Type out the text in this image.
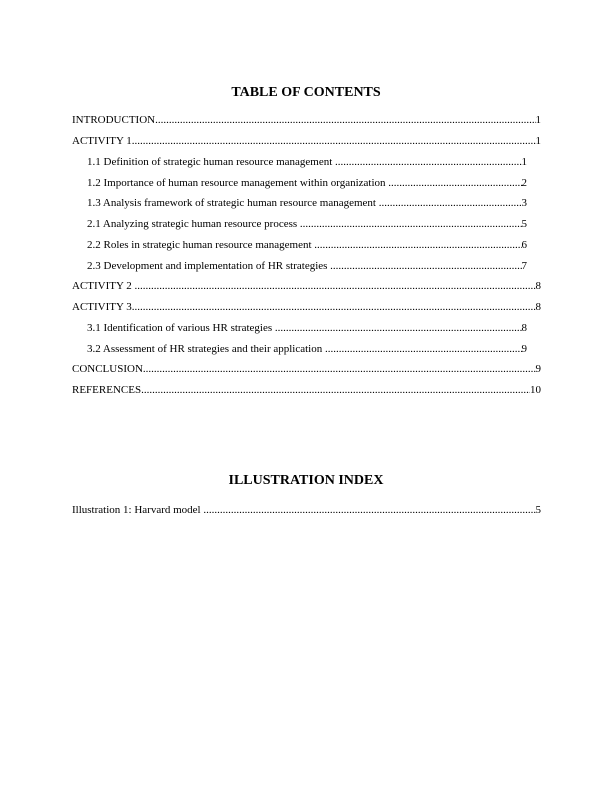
TABLE OF CONTENTS
INTRODUCTION .....	1
ACTIVITY 1 .....	1
1.1 Definition of strategic human resource management .....	1
1.2 Importance of human resource management within organization .....	2
1.3 Analysis framework of strategic human resource management .....	3
2.1 Analyzing strategic human resource process .....	5
2.2 Roles in strategic human resource management .....	6
2.3 Development and implementation of HR strategies .....	7
ACTIVITY 2 .....	8
ACTIVITY 3 .....	8
3.1 Identification of various HR strategies .....	8
3.2 Assessment of HR strategies and their application .....	9
CONCLUSION .....	9
REFERENCES .....	10
ILLUSTRATION INDEX
Illustration 1: Harvard model .....	5
